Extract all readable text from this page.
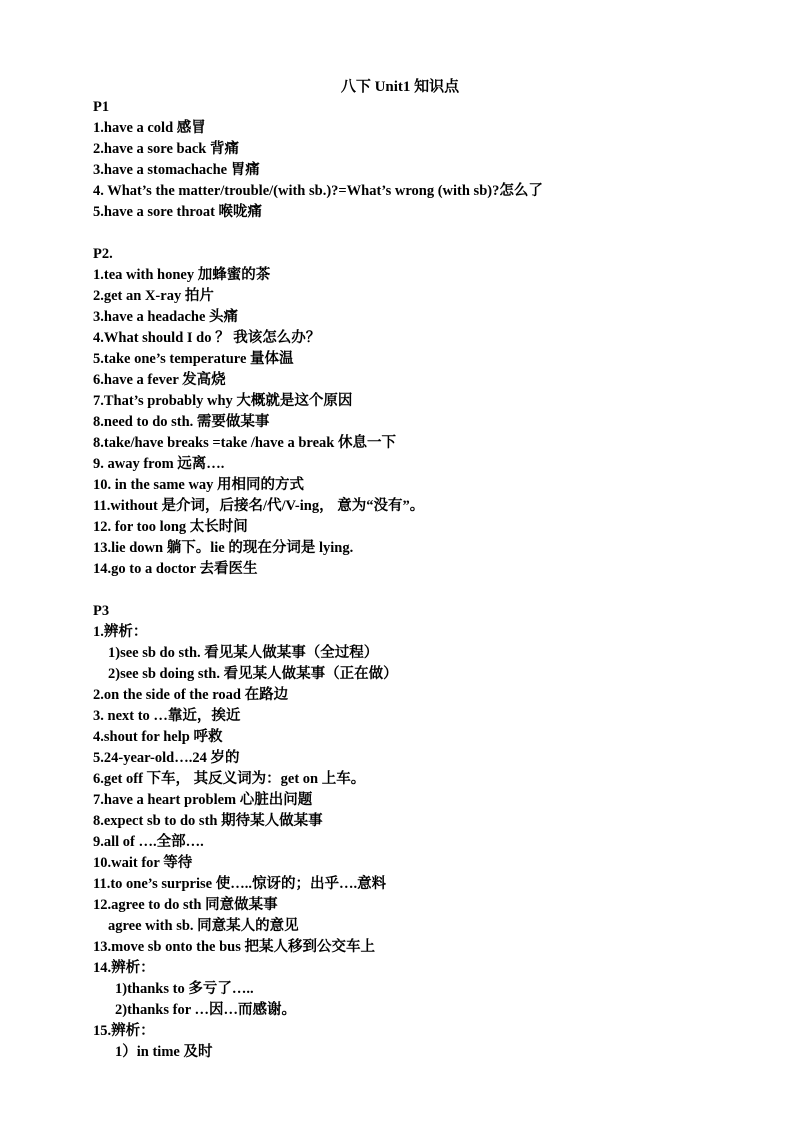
八下 Unit1 知识点
P1
1.have a cold 感冒
2.have a sore back 背痛
3.have a stomachache 胃痛
4. What’s the matter/trouble/(with sb.)?=What’s wrong (with sb)?怎么了
5.have a sore throat 喉咙痛
P2.
1.tea with honey 加蜂蜜的茶
2.get an X-ray 拍片
3.have a headache 头痛
4.What should I do ？ 我该怎么办？
5.take one’s temperature 量体温
6.have a fever 发高烧
7.That’s probably why 大概就是这个原因
8.need to do sth. 需要做某事
8.take/have breaks =take /have a break 休息一下
9. away from 远离….
10. in the same way 用相同的方式
11.without 是介词，后接名/代/V-ing， 意为“没有”。
12. for too long 太长时间
13.lie down 躺下。lie 的现在分词是 lying.
14.go to a doctor 去看医生
P3
1.辨析：
1)see sb do sth. 看见某人做某事（全过程）
2)see sb doing sth. 看见某人做某事（正在做）
2.on the side of the road 在路边
3. next to …靠近，挨近
4.shout for help 呼救
5.24-year-old….24 岁的
6.get off 下车， 其反义词为：get on 上车。
7.have a heart problem 心脏出问题
8.expect sb to do sth 期待某人做某事
9.all of ….全部….
10.wait for 等待
11.to one’s surprise 使…..惊讶的；出乎….意料
12.agree to do sth 同意做某事
agree with sb. 同意某人的意见
13.move sb onto the bus 把某人移到公交车上
14.辨析：
1)thanks to 多亏了…..
2)thanks for …因…而感谢。
15.辨析：
1）in time 及时
